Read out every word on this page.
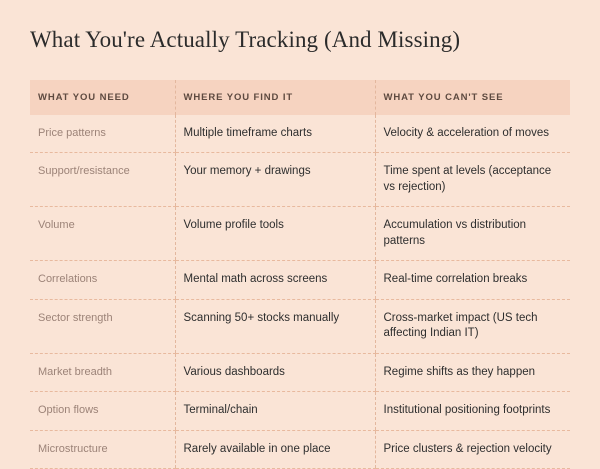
What You're Actually Tracking (And Missing)
WHAT YOU NEED	WHERE YOU FIND IT	WHAT YOU CAN'T SEE
Price patterns	Multiple timeframe charts	Velocity & acceleration of moves
Support/resistance	Your memory + drawings	Time spent at levels (acceptance vs rejection)
Volume	Volume profile tools	Accumulation vs distribution patterns
Correlations	Mental math across screens	Real-time correlation breaks
Sector strength	Scanning 50+ stocks manually	Cross-market impact (US tech affecting Indian IT)
Market breadth	Various dashboards	Regime shifts as they happen
Option flows	Terminal/chain	Institutional positioning footprints
Microstructure	Rarely available in one place	Price clusters & rejection velocity
